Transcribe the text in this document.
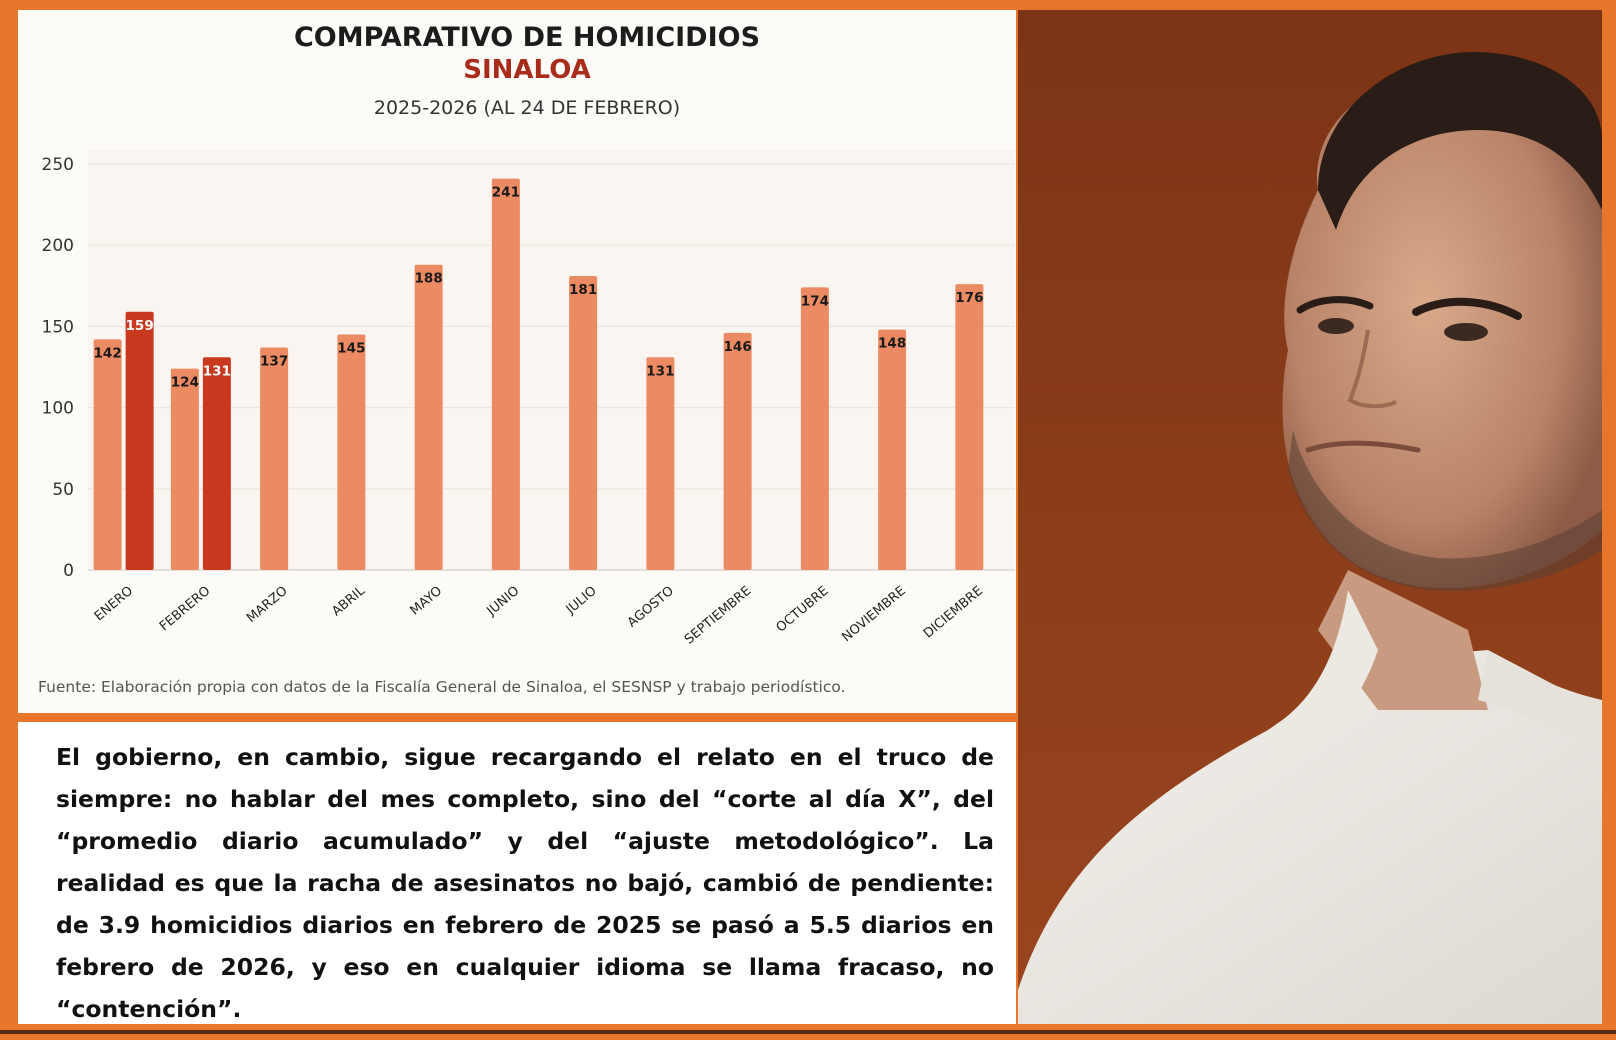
COMPARATIVO DE HOMICIDIOS
SINALOA
2025-2026 (AL 24 DE FEBRERO)
0
50
100
150
200
250
142
159
ENERO
124
131
FEBRERO
137
MARZO
145
ABRIL
188
MAYO
241
JUNIO
181
JULIO
131
AGOSTO
146
SEPTIEMBRE
174
OCTUBRE
148
NOVIEMBRE
176
DICIEMBRE
Fuente: Elaboración propia con datos de la Fiscalía General de Sinaloa, el SESNSP y trabajo periodístico.
El gobierno, en cambio, sigue recargando el relato en el truco de siempre: no hablar del mes completo, sino del “corte al día X”, del “promedio diario acumulado” y del “ajuste metodológico”. La realidad es que la racha de asesinatos no bajó, cambió de pendiente: de 3.9 homicidios diarios en febrero de 2025 se pasó a 5.5 diarios en febrero de 2026, y eso en cualquier idioma se llama fracaso, no “contención”.
